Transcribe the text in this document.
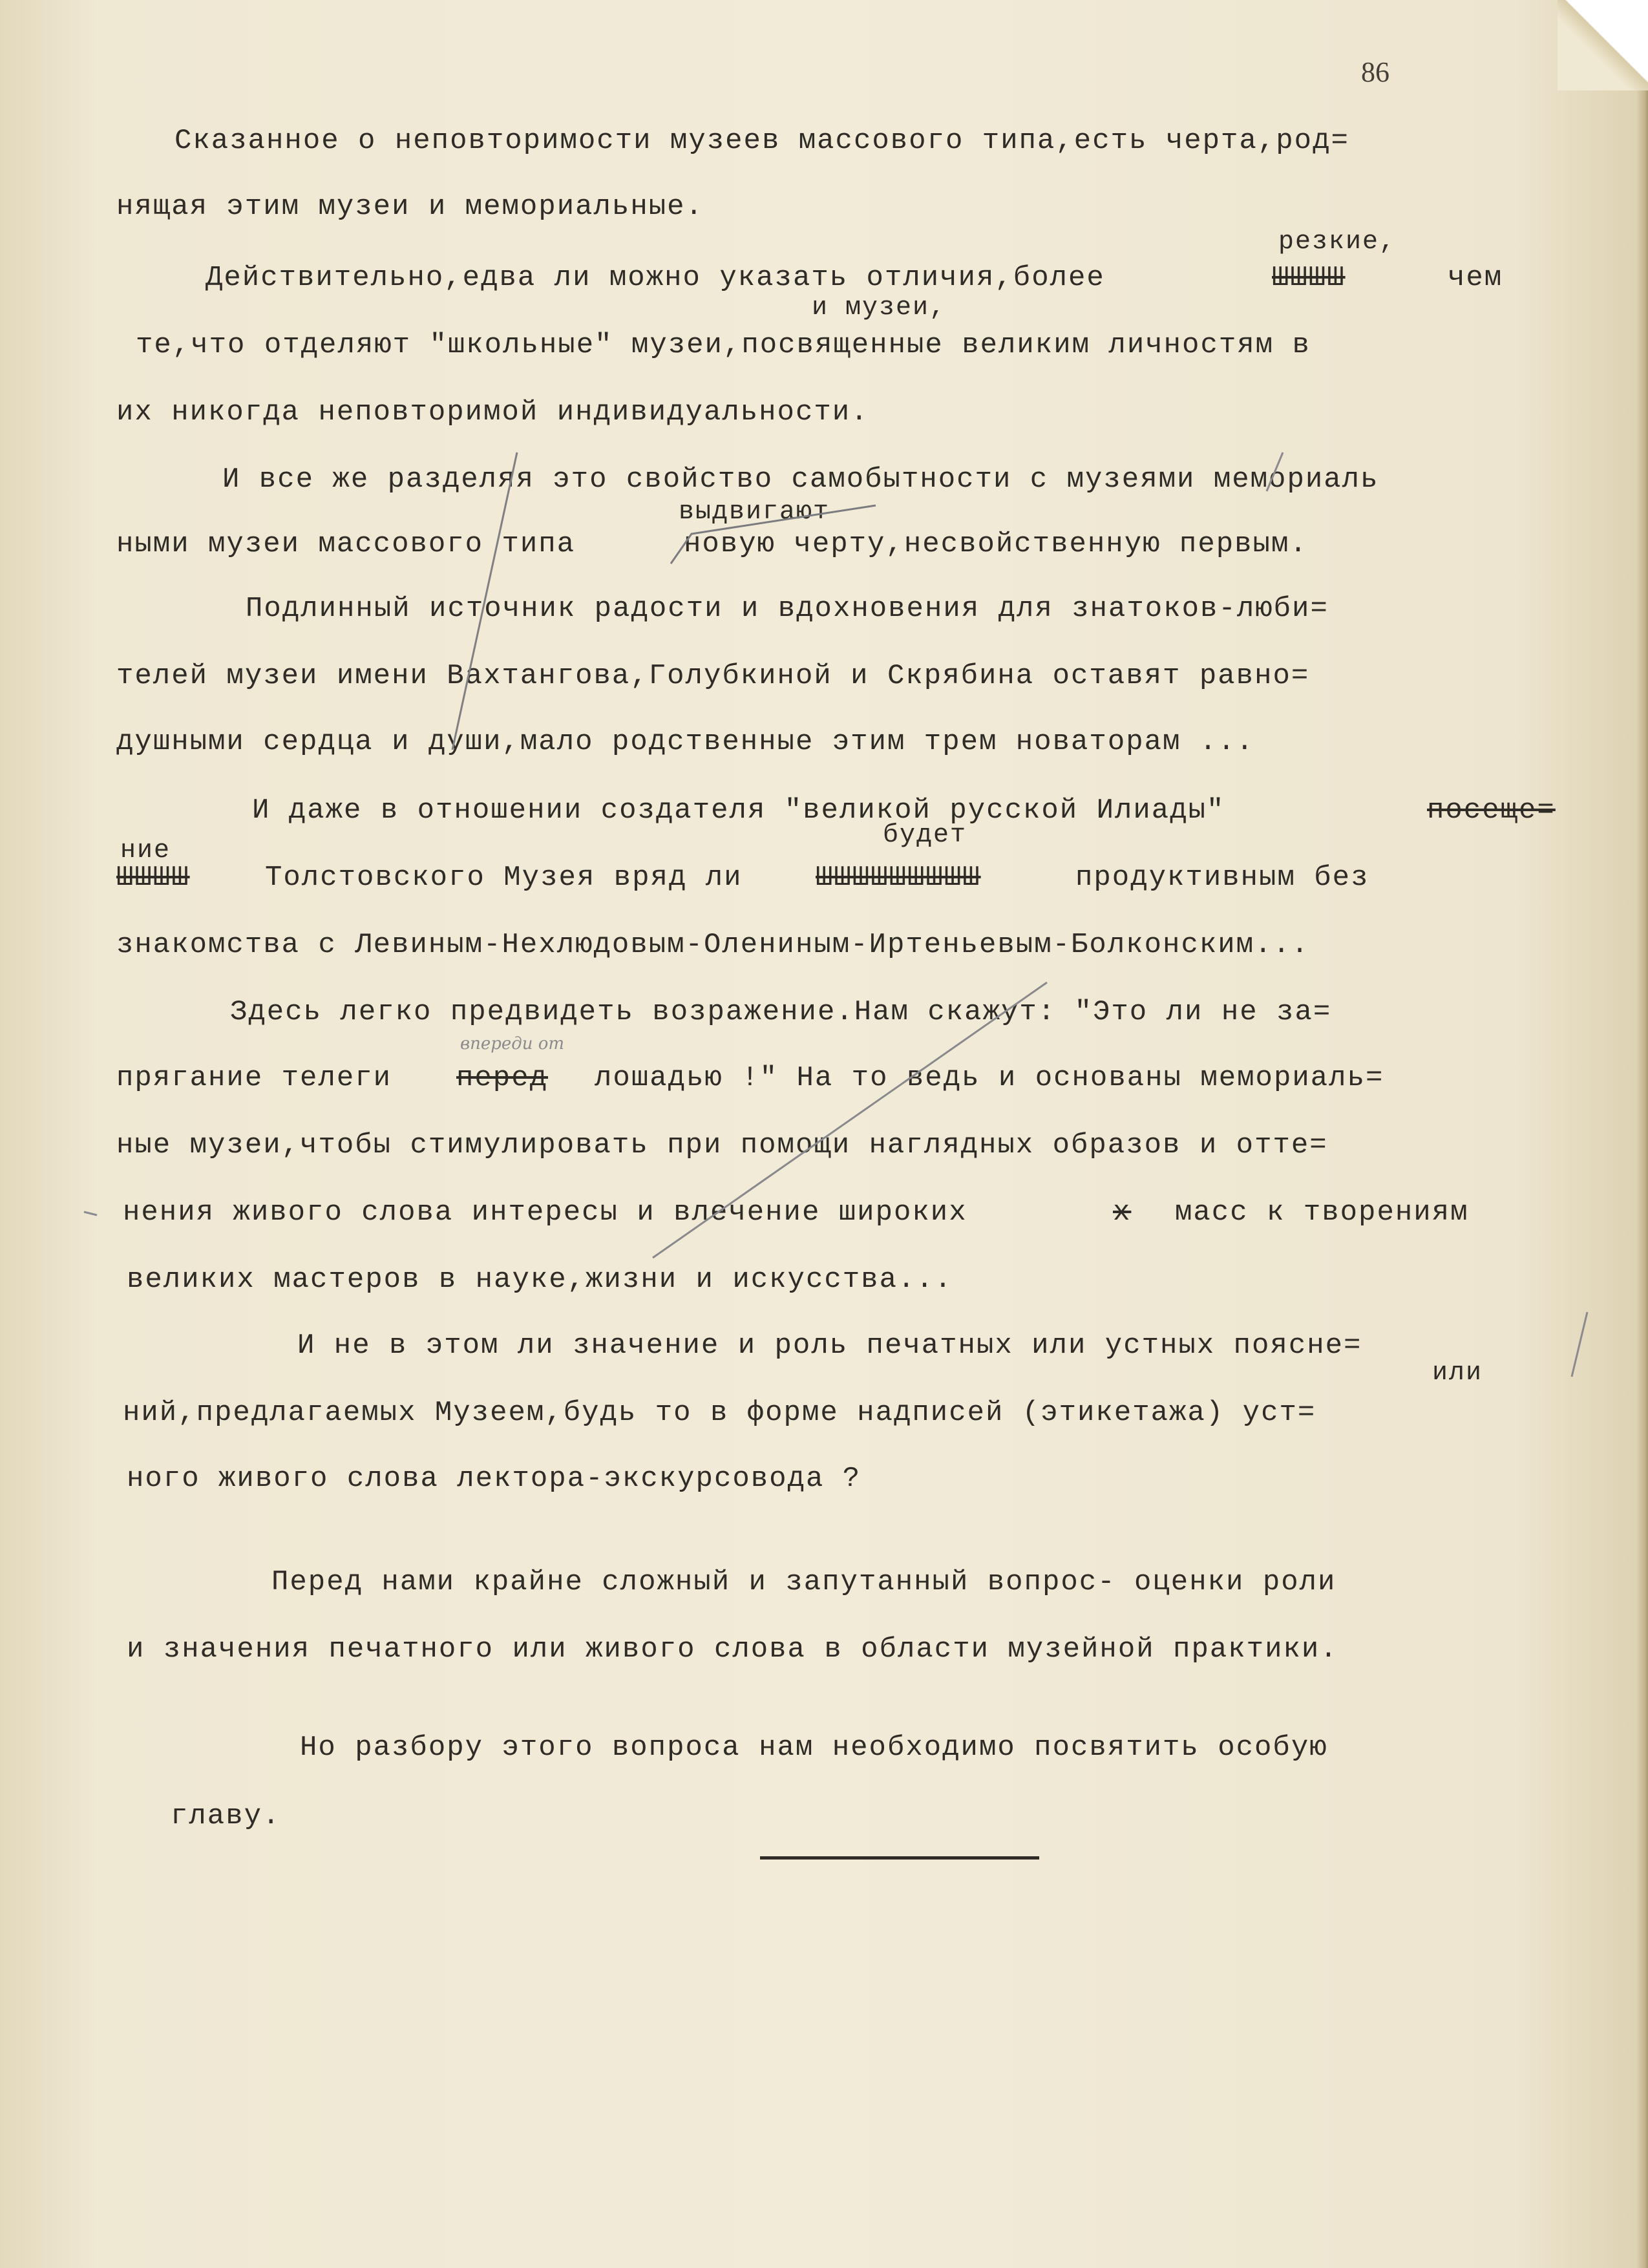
86
Сказанное о неповторимости музеев массового типа,есть черта,род=
нящая этим музеи и мемориальные.
резкие,
Действительно,едва ли можно указать отличия,более	ШШШШ	чем
и музеи,
те,что отделяют "школьные" музеи,посвященные великим личностям в
их никогда неповторимой индивидуальности.
И все же разделяя это свойство самобытности с музеями мемориаль
выдвигают
ными музеи массового типа	новую черту,несвойственную первым.
Подлинный источник радости и вдохновения для знатоков-люби=
телей музеи имени Вахтангова,Голубкиной и Скрябина оставят равно=
душными сердца и души,мало родственные этим трем новаторам ...
И даже в отношении создателя "великой русской Илиады"	посеще=
будет
ние
ШШШШ	Толстовского Музея вряд ли	ШШШШШШШШШ	продуктивным без
знакомства с Левиным-Нехлюдовым-Олениным-Иртеньевым-Болконским...
Здесь легко предвидеть возражение.Нам скажут: "Это ли не за=
впереди от
прягание телеги перед лошадью !" На то ведь и основаны мемориаль=
ные музеи,чтобы стимулировать при помощи наглядных образов и отте=
нения живого слова интересы и влечение широких	х масс к творениям
великих мастеров в науке,жизни и искусства...
И не в этом ли значение и роль печатных или устных поясне=
или
ний,предлагаемых Музеем,будь то в форме надписей (этикетажа) уст=
ного живого слова лектора-экскурсовода ?
Перед нами крайне сложный и запутанный вопрос- оценки роли
и значения печатного или живого слова в области музейной практики.
Но разбору этого вопроса нам необходимо посвятить особую
главу.
